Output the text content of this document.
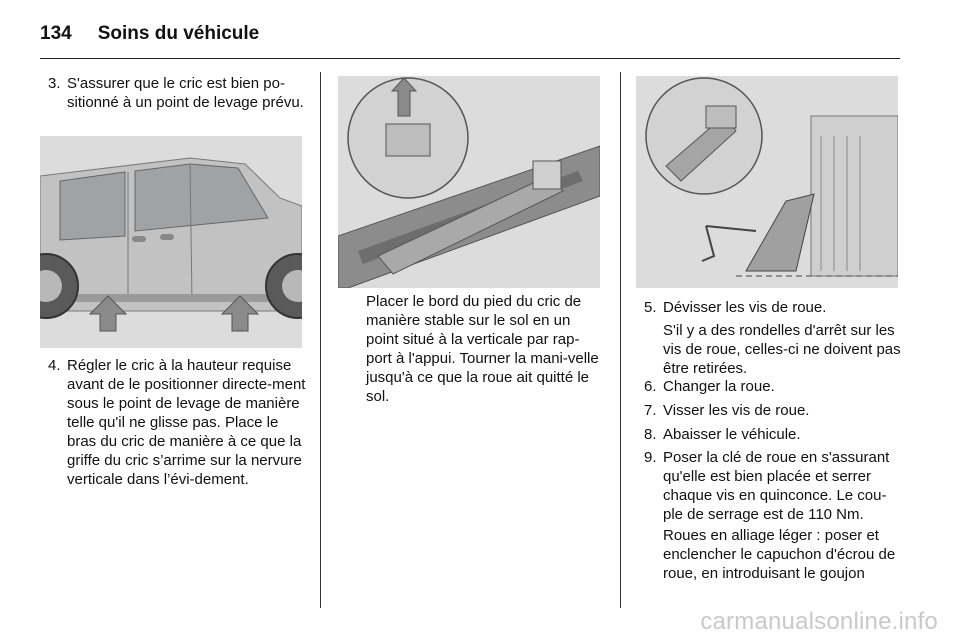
134 Soins du véhicule
3. S'assurer que le cric est bien po-sitionné à un point de levage prévu.
4. Régler le cric à la hauteur requise avant de le positionner directe-ment sous le point de levage de manière telle qu'il ne glisse pas. Place le bras du cric de manière à ce que la griffe du cric s’arrime sur la nervure verticale dans l’évi-dement.
Placer le bord du pied du cric de manière stable sur le sol en un point situé à la verticale par rap-port à l'appui. Tourner la mani-velle jusqu'à ce que la roue ait quitté le sol.
5. Dévisser les vis de roue.
S'il y a des rondelles d'arrêt sur les vis de roue, celles-ci ne doivent pas être retirées.
6. Changer la roue.
7. Visser les vis de roue.
8. Abaisser le véhicule.
9. Poser la clé de roue en s'assurant qu'elle est bien placée et serrer chaque vis en quinconce. Le cou-ple de serrage est de 110 Nm.
Roues en alliage léger : poser et enclencher le capuchon d'écrou de roue, en introduisant le goujon
carmanualsonline.info
